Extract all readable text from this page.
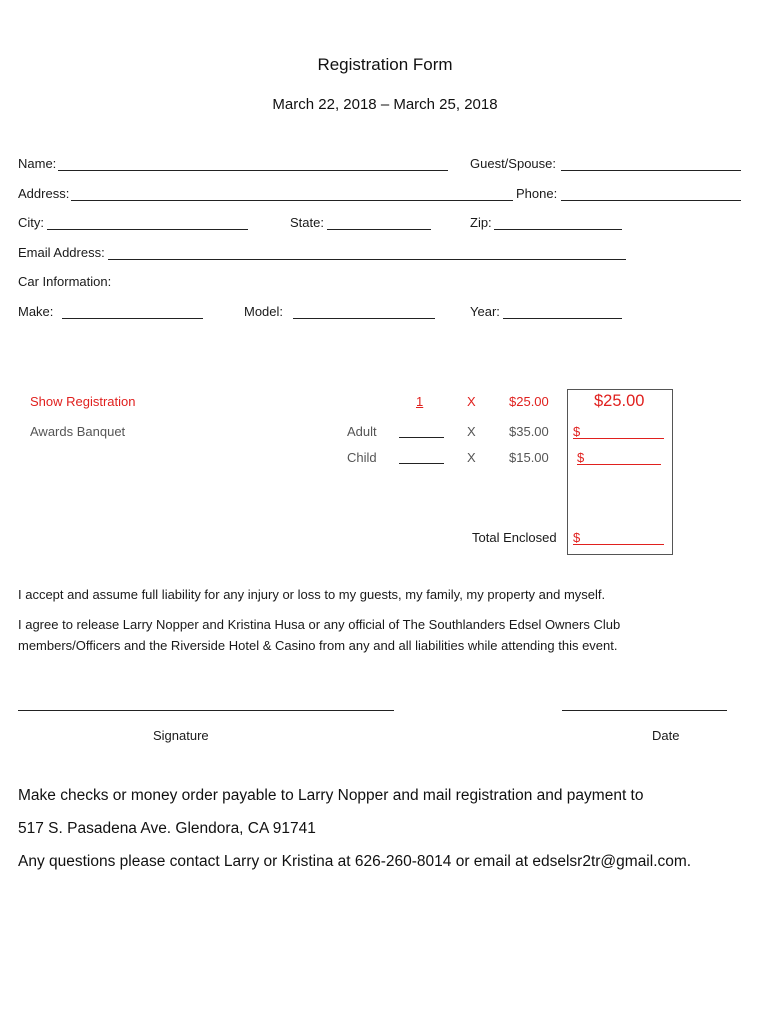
Registration Form
March 22, 2018 – March 25, 2018
Name:	Guest/Spouse:
Address:	Phone:
City:	State:	Zip:
Email Address:
Car Information:
Make:	Model:	Year:
Show Registration	1	X	$25.00	$25.00
Awards Banquet	Adult	X	$35.00 $
Child	X	$15.00 $
Total Enclosed $
I accept and assume full liability for any injury or loss to my guests, my family, my property and myself.
I agree to release Larry Nopper and Kristina Husa or any official of The Southlanders Edsel Owners Club
members/Officers and the Riverside Hotel & Casino from any and all liabilities while attending this event.
Signature	Date
Make checks or money order payable to Larry Nopper and mail registration and payment to
517 S. Pasadena Ave. Glendora, CA 91741
Any questions please contact Larry or Kristina at 626-260-8014 or email at edselsr2tr@gmail.com.
